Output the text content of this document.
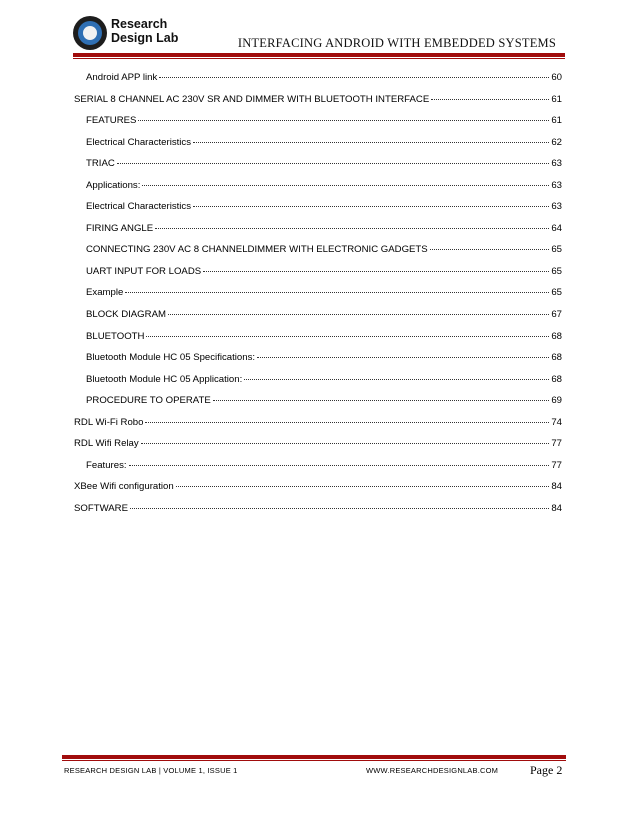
Research
Design Lab	INTERFACING ANDROID WITH EMBEDDED SYSTEMS
Android APP link	60
SERIAL 8 CHANNEL AC 230V SR AND DIMMER WITH BLUETOOTH INTERFACE	61
FEATURES	61
Electrical Characteristics	62
TRIAC	63
Applications:	63
Electrical Characteristics	63
FIRING ANGLE	64
CONNECTING 230V AC 8 CHANNELDIMMER WITH ELECTRONIC GADGETS	65
UART INPUT FOR LOADS	65
Example	65
BLOCK DIAGRAM	67
BLUETOOTH	68
Bluetooth Module HC 05 Specifications:	68
Bluetooth Module HC 05 Application:	68
PROCEDURE TO OPERATE	69
RDL Wi-Fi Robo	74
RDL Wifi Relay	77
Features:	77
XBee Wifi configuration	84
SOFTWARE	84
RESEARCH DESIGN LAB | VOLUME 1, ISSUE 1	WWW.RESEARCHDESIGNLAB.COM	Page 2
